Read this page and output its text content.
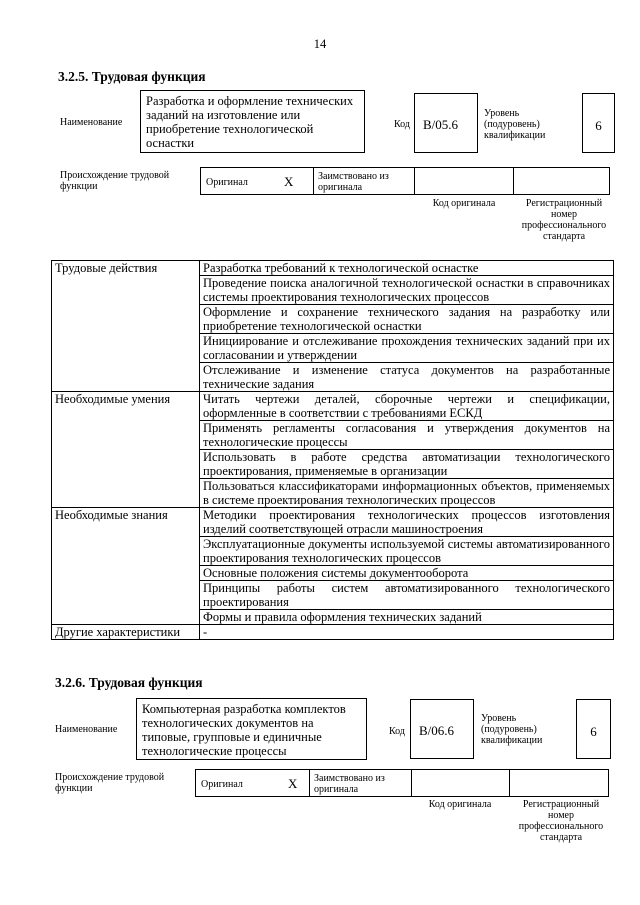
14
3.2.5. Трудовая функция
Наименование
Разработка и оформление технических заданий на изготовление или приобретение технологической оснастки
Код	В/05.6
Уровень (подуровень) квалификации
6
Происхождение трудовой функции	Оригинал	X Заимствовано из оригинала
Код оригинала	Регистрационный номер профессионального стандарта
Трудовые действия	Разработка требований к технологической оснастке
	Проведение поиска аналогичной технологической оснастки в справочниках системы проектирования технологических процессов
	Оформление и сохранение технического задания на разработку или приобретение технологической оснастки
	Инициирование и отслеживание прохождения технических заданий при их согласовании и утверждении
	Отслеживание и изменение статуса документов на разработанные технические задания
Необходимые умения	Читать чертежи деталей, сборочные чертежи и спецификации, оформленные в соответствии с требованиями ЕСКД
	Применять регламенты согласования и утверждения документов на технологические процессы
	Использовать в работе средства автоматизации технологического проектирования, применяемые в организации
	Пользоваться классификаторами информационных объектов, применяемых в системе проектирования технологических процессов
Необходимые знания	Методики проектирования технологических процессов изготовления изделий соответствующей отрасли машиностроения
	Эксплуатационные документы используемой системы автоматизированного проектирования технологических процессов
	Основные положения системы документооборота
	Принципы работы систем автоматизированного технологического проектирования
	Формы и правила оформления технических заданий
Другие характеристики	-
3.2.6. Трудовая функция
Наименование
Компьютерная разработка комплектов технологических документов на типовые, групповые и единичные технологические процессы
Код	В/06.6
Уровень (подуровень) квалификации
6
Происхождение трудовой функции	Оригинал	X Заимствовано из оригинала
Код оригинала	Регистрационный номер профессионального стандарта
